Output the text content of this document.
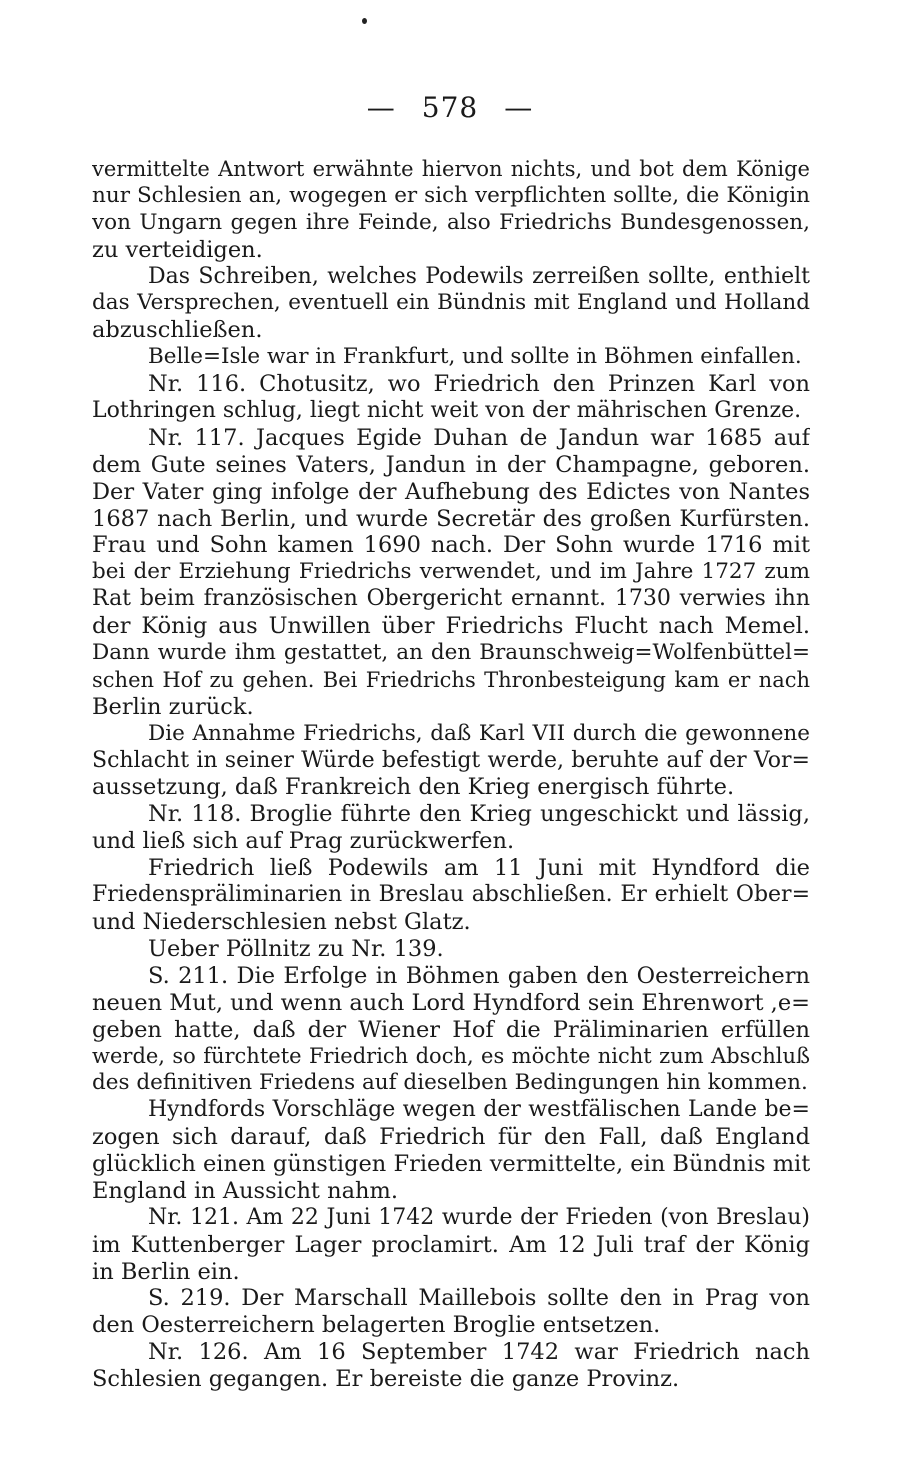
— 578 —
vermittelte Antwort erwähnte hiervon nichts, und bot dem Könige
nur Schlesien an, wogegen er sich verpflichten sollte, die Königin
von Ungarn gegen ihre Feinde, also Friedrichs Bundesgenossen,
zu verteidigen.
Das Schreiben, welches Podewils zerreißen sollte, enthielt
das Versprechen, eventuell ein Bündnis mit England und Holland
abzuschließen.
Belle=Isle war in Frankfurt, und sollte in Böhmen einfallen.
Nr. 116. Chotusitz, wo Friedrich den Prinzen Karl von
Lothringen schlug, liegt nicht weit von der mährischen Grenze.
Nr. 117. Jacques Egide Duhan de Jandun war 1685 auf
dem Gute seines Vaters, Jandun in der Champagne, geboren.
Der Vater ging infolge der Aufhebung des Edictes von Nantes
1687 nach Berlin, und wurde Secretär des großen Kurfürsten.
Frau und Sohn kamen 1690 nach. Der Sohn wurde 1716 mit
bei der Erziehung Friedrichs verwendet, und im Jahre 1727 zum
Rat beim französischen Obergericht ernannt. 1730 verwies ihn
der König aus Unwillen über Friedrichs Flucht nach Memel.
Dann wurde ihm gestattet, an den Braunschweig=Wolfenbüttel=
schen Hof zu gehen. Bei Friedrichs Thronbesteigung kam er nach
Berlin zurück.
Die Annahme Friedrichs, daß Karl VII durch die gewonnene
Schlacht in seiner Würde befestigt werde, beruhte auf der Vor=
aussetzung, daß Frankreich den Krieg energisch führte.
Nr. 118. Broglie führte den Krieg ungeschickt und lässig,
und ließ sich auf Prag zurückwerfen.
Friedrich ließ Podewils am 11 Juni mit Hyndford die
Friedenspräliminarien in Breslau abschließen. Er erhielt Ober=
und Niederschlesien nebst Glatz.
Ueber Pöllnitz zu Nr. 139.
S. 211. Die Erfolge in Böhmen gaben den Oesterreichern
neuen Mut, und wenn auch Lord Hyndford sein Ehrenwort ,e=
geben hatte, daß der Wiener Hof die Präliminarien erfüllen
werde, so fürchtete Friedrich doch, es möchte nicht zum Abschluß
des definitiven Friedens auf dieselben Bedingungen hin kommen.
Hyndfords Vorschläge wegen der westfälischen Lande be=
zogen sich darauf, daß Friedrich für den Fall, daß England
glücklich einen günstigen Frieden vermittelte, ein Bündnis mit
England in Aussicht nahm.
Nr. 121. Am 22 Juni 1742 wurde der Frieden (von Breslau)
im Kuttenberger Lager proclamirt. Am 12 Juli traf der König
in Berlin ein.
S. 219. Der Marschall Maillebois sollte den in Prag von
den Oesterreichern belagerten Broglie entsetzen.
Nr. 126. Am 16 September 1742 war Friedrich nach
Schlesien gegangen. Er bereiste die ganze Provinz.
